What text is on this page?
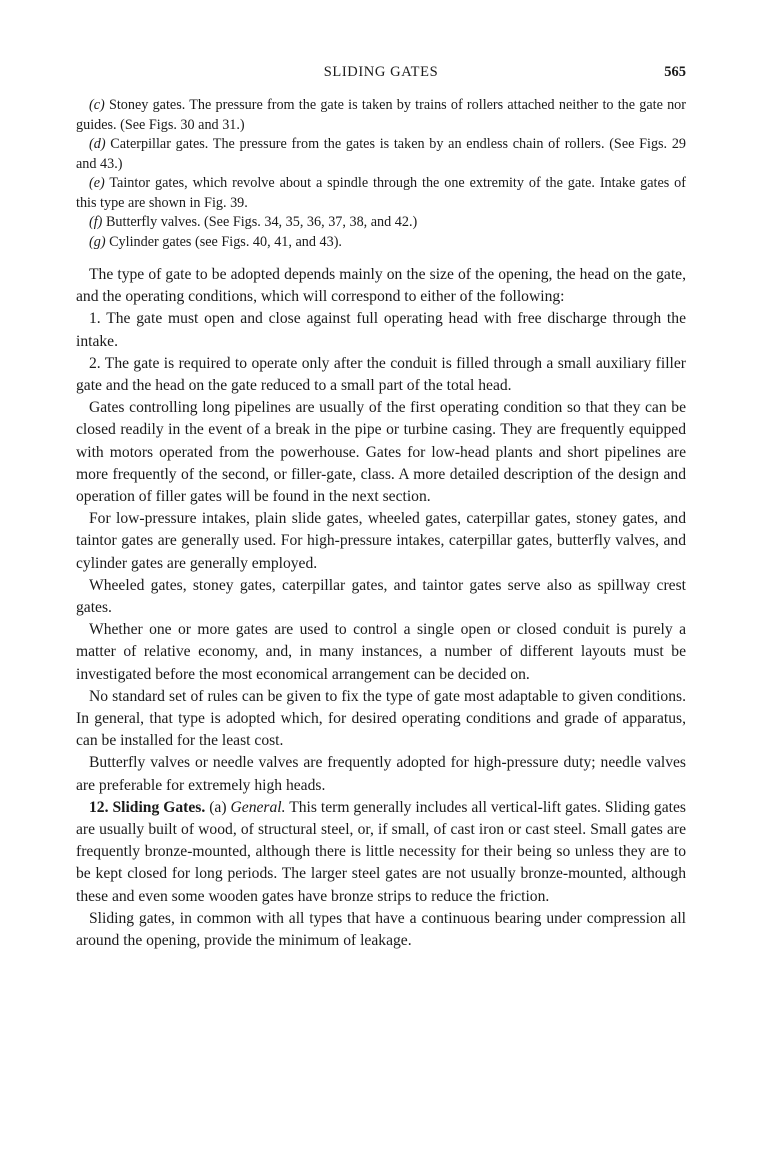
SLIDING GATES	565

(c) Stoney gates. The pressure from the gate is taken by trains of rollers attached neither to the gate nor guides. (See Figs. 30 and 31.)

(d) Caterpillar gates. The pressure from the gates is taken by an endless chain of rollers. (See Figs. 29 and 43.)

(e) Taintor gates, which revolve about a spindle through the one extremity of the gate. Intake gates of this type are shown in Fig. 39.

(f) Butterfly valves. (See Figs. 34, 35, 36, 37, 38, and 42.)

(g) Cylinder gates (see Figs. 40, 41, and 43).

The type of gate to be adopted depends mainly on the size of the opening, the head on the gate, and the operating conditions, which will correspond to either of the following:

1. The gate must open and close against full operating head with free discharge through the intake.

2. The gate is required to operate only after the conduit is filled through a small auxiliary filler gate and the head on the gate reduced to a small part of the total head.

Gates controlling long pipelines are usually of the first operating condition so that they can be closed readily in the event of a break in the pipe or turbine casing. They are frequently equipped with motors operated from the powerhouse. Gates for low-head plants and short pipelines are more frequently of the second, or filler-gate, class. A more detailed description of the design and operation of filler gates will be found in the next section.

For low-pressure intakes, plain slide gates, wheeled gates, caterpillar gates, stoney gates, and taintor gates are generally used. For high-pressure intakes, caterpillar gates, butterfly valves, and cylinder gates are generally employed.

Wheeled gates, stoney gates, caterpillar gates, and taintor gates serve also as spillway crest gates.

Whether one or more gates are used to control a single open or closed conduit is purely a matter of relative economy, and, in many instances, a number of different layouts must be investigated before the most economical arrangement can be decided on.

No standard set of rules can be given to fix the type of gate most adaptable to given conditions. In general, that type is adopted which, for desired operating conditions and grade of apparatus, can be installed for the least cost.

Butterfly valves or needle valves are frequently adopted for high-pressure duty; needle valves are preferable for extremely high heads.

12. Sliding Gates. (a) General. This term generally includes all vertical-lift gates. Sliding gates are usually built of wood, of structural steel, or, if small, of cast iron or cast steel. Small gates are frequently bronze-mounted, although there is little necessity for their being so unless they are to be kept closed for long periods. The larger steel gates are not usually bronze-mounted, although these and even some wooden gates have bronze strips to reduce the friction.

Sliding gates, in common with all types that have a continuous bearing under compression all around the opening, provide the minimum of leakage.
